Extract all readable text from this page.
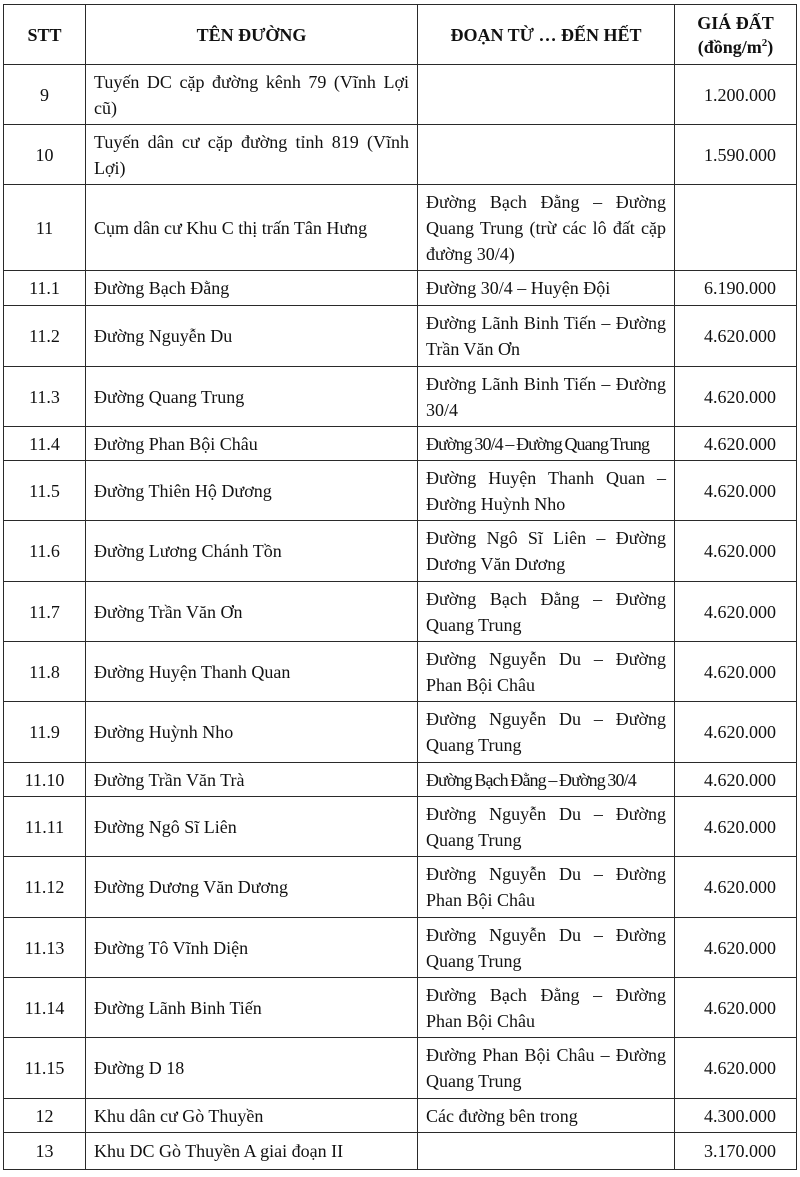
STT	TÊN ĐƯỜNG	ĐOẠN TỪ … ĐẾN HẾT	GIÁ ĐẤT
$(đồng/m^2)$
9	Tuyến DC cặp đường kênh 79 (Vĩnh Lợi cũ)		1.200.000
10	Tuyến dân cư cặp đường tỉnh 819 (Vĩnh Lợi)		1.590.000
11	Cụm dân cư Khu C thị trấn Tân Hưng	Đường Bạch Đằng – Đường Quang Trung (trừ các lô đất cặp đường 30/4)	
11.1	Đường Bạch Đằng	Đường 30/4 – Huyện Đội	6.190.000
11.2	Đường Nguyễn Du	Đường Lãnh Binh Tiến – Đường Trần Văn Ơn	4.620.000
11.3	Đường Quang Trung	Đường Lãnh Binh Tiến – Đường 30/4	4.620.000
11.4	Đường Phan Bội Châu	Đường 30/4 – Đường Quang Trung	4.620.000
11.5	Đường Thiên Hộ Dương	Đường Huyện Thanh Quan – Đường Huỳnh Nho	4.620.000
11.6	Đường Lương Chánh Tồn	Đường Ngô Sĩ Liên – Đường Dương Văn Dương	4.620.000
11.7	Đường Trần Văn Ơn	Đường Bạch Đằng – Đường Quang Trung	4.620.000
11.8	Đường Huyện Thanh Quan	Đường Nguyễn Du – Đường Phan Bội Châu	4.620.000
11.9	Đường Huỳnh Nho	Đường Nguyễn Du – Đường Quang Trung	4.620.000
11.10	Đường Trần Văn Trà	Đường Bạch Đằng – Đường 30/4	4.620.000
11.11	Đường Ngô Sĩ Liên	Đường Nguyễn Du – Đường Quang Trung	4.620.000
11.12	Đường Dương Văn Dương	Đường Nguyễn Du – Đường Phan Bội Châu	4.620.000
11.13	Đường Tô Vĩnh Diện	Đường Nguyễn Du – Đường Quang Trung	4.620.000
11.14	Đường Lãnh Binh Tiến	Đường Bạch Đằng – Đường Phan Bội Châu	4.620.000
11.15	Đường D 18	Đường Phan Bội Châu – Đường Quang Trung	4.620.000
12	Khu dân cư Gò Thuyền	Các đường bên trong	4.300.000
13	Khu DC Gò Thuyền A giai đoạn II		3.170.000
